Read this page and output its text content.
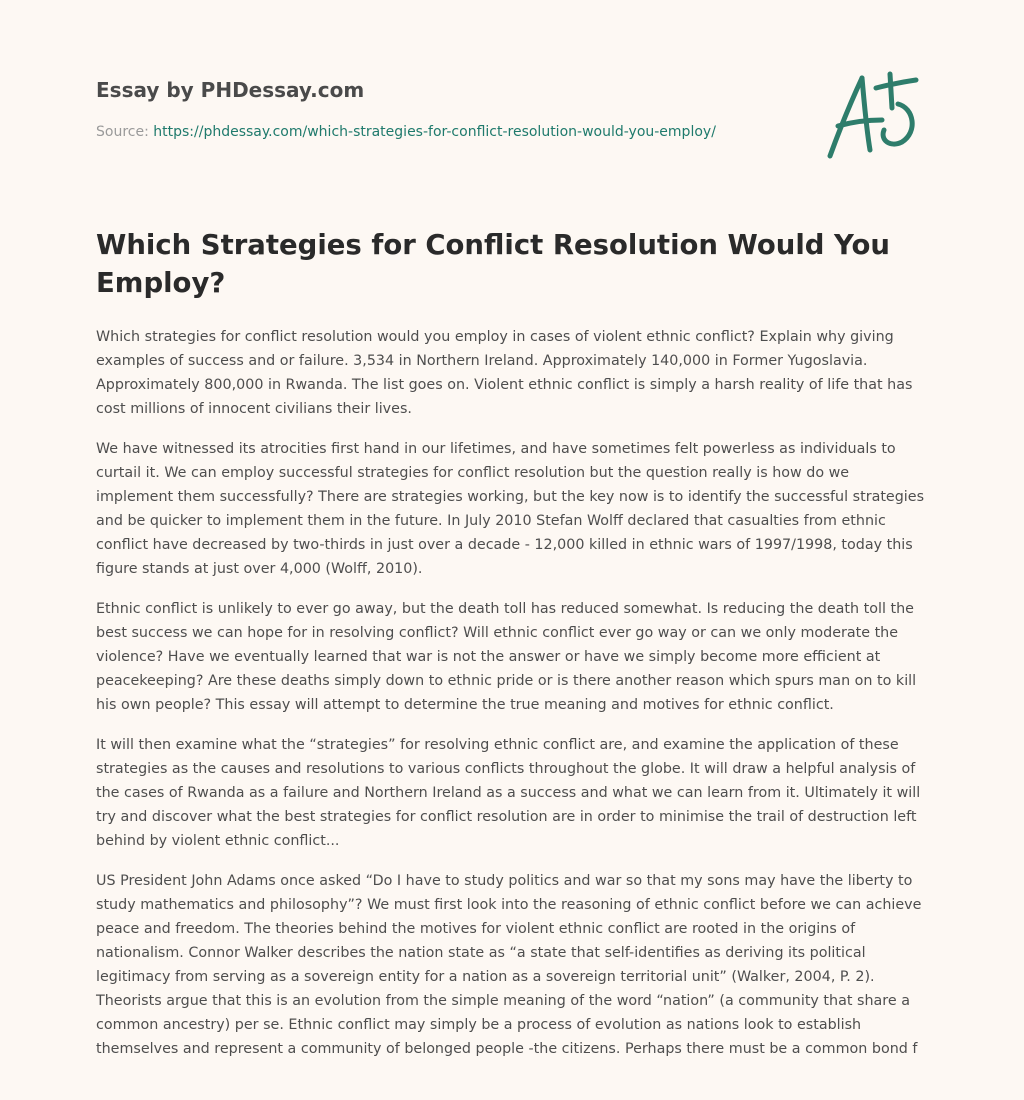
Essay by PHDessay.com
Source: https://phdessay.com/which-strategies-for-conflict-resolution-would-you-employ/
Which Strategies for Conflict Resolution Would You Employ?

Which strategies for conflict resolution would you employ in cases of violent ethnic conflict? Explain why giving examples of success and or failure. 3,534 in Northern Ireland. Approximately 140,000 in Former Yugoslavia. Approximately 800,000 in Rwanda. The list goes on. Violent ethnic conflict is simply a harsh reality of life that has cost millions of innocent civilians their lives.

We have witnessed its atrocities first hand in our lifetimes, and have sometimes felt powerless as individuals to curtail it. We can employ successful strategies for conflict resolution but the question really is how do we implement them successfully? There are strategies working, but the key now is to identify the successful strategies and be quicker to implement them in the future. In July 2010 Stefan Wolff declared that casualties from ethnic conflict have decreased by two-thirds in just over a decade - 12,000 killed in ethnic wars of 1997/1998, today this figure stands at just over 4,000 (Wolff, 2010).

Ethnic conflict is unlikely to ever go away, but the death toll has reduced somewhat. Is reducing the death toll the best success we can hope for in resolving conflict? Will ethnic conflict ever go way or can we only moderate the violence? Have we eventually learned that war is not the answer or have we simply become more efficient at peacekeeping? Are these deaths simply down to ethnic pride or is there another reason which spurs man on to kill his own people? This essay will attempt to determine the true meaning and motives for ethnic conflict.

It will then examine what the “strategies” for resolving ethnic conflict are, and examine the application of these strategies as the causes and resolutions to various conflicts throughout the globe. It will draw a helpful analysis of the cases of Rwanda as a failure and Northern Ireland as a success and what we can learn from it. Ultimately it will try and discover what the best strategies for conflict resolution are in order to minimise the trail of destruction left behind by violent ethnic conflict...

US President John Adams once asked “Do I have to study politics and war so that my sons may have the liberty to study mathematics and philosophy”? We must first look into the reasoning of ethnic conflict before we can achieve peace and freedom. The theories behind the motives for violent ethnic conflict are rooted in the origins of nationalism. Connor Walker describes the nation state as “a state that self-identifies as deriving its political legitimacy from serving as a sovereign entity for a nation as a sovereign territorial unit” (Walker, 2004, P. 2). Theorists argue that this is an evolution from the simple meaning of the word “nation” (a community that share a common ancestry) per se. Ethnic conflict may simply be a process of evolution as nations look to establish themselves and represent a community of belonged people -the citizens. Perhaps there must be a common bond f
